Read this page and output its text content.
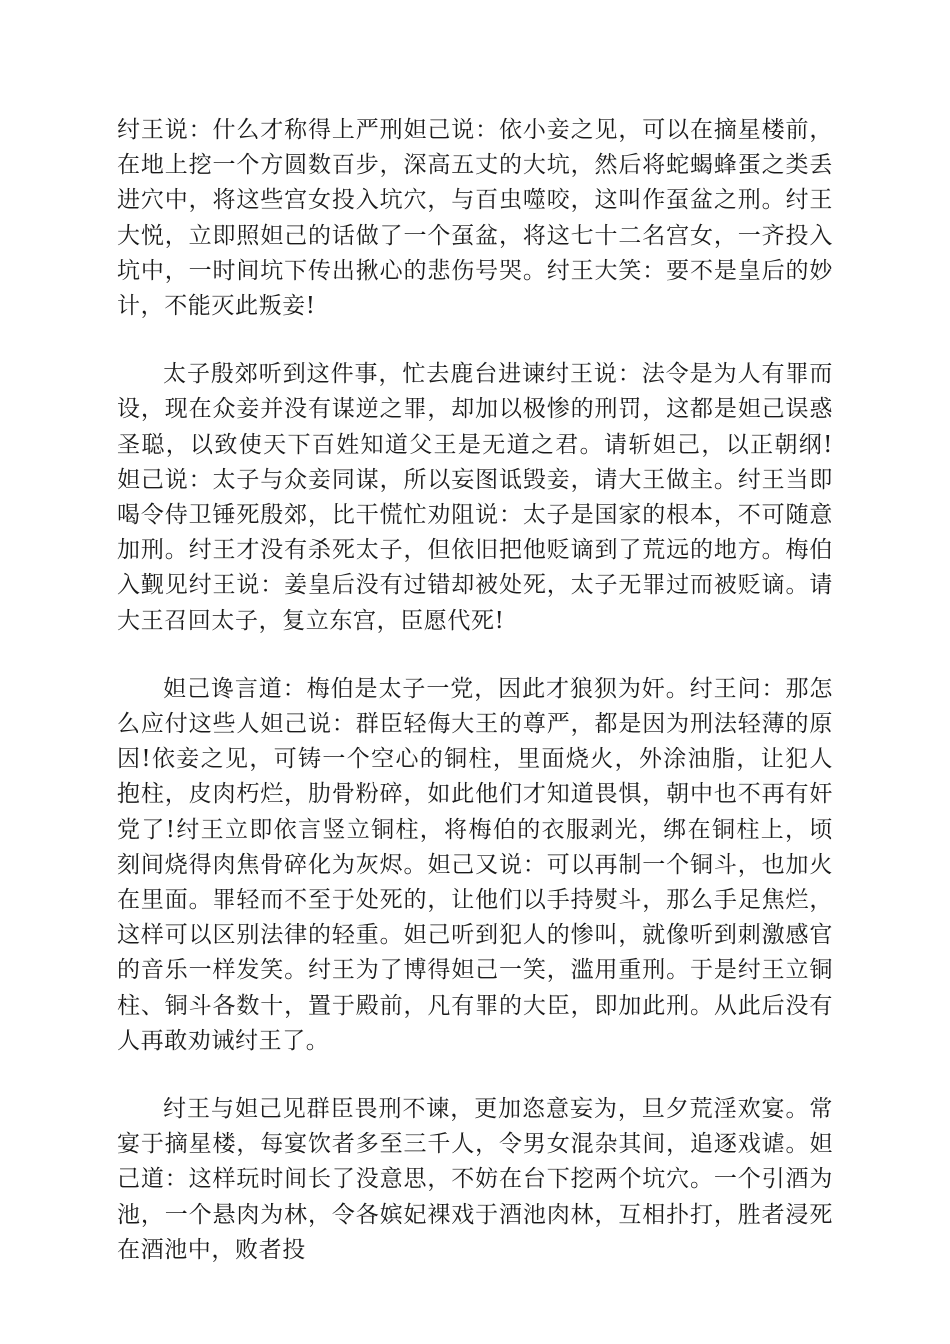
纣王说：什么才称得上严刑妲己说：依小妾之见，可以在摘星楼前，在地上挖一个方圆数百步，深高五丈的大坑，然后将蛇蝎蜂蛋之类丢进穴中，将这些宫女投入坑穴，与百虫噬咬，这叫作虿盆之刑。纣王大悦，立即照妲己的话做了一个虿盆，将这七十二名宫女，一齐投入坑中，一时间坑下传出揪心的悲伤号哭。纣王大笑：要不是皇后的妙计，不能灭此叛妾!

太子殷郊听到这件事，忙去鹿台进谏纣王说：法令是为人有罪而设，现在众妾并没有谋逆之罪，却加以极惨的刑罚，这都是妲己误惑圣聪，以致使天下百姓知道父王是无道之君。请斩妲己，以正朝纲!妲己说：太子与众妾同谋，所以妄图诋毁妾，请大王做主。纣王当即喝令侍卫锤死殷郊，比干慌忙劝阻说：太子是国家的根本，不可随意加刑。纣王才没有杀死太子，但依旧把他贬谪到了荒远的地方。梅伯入觐见纣王说：姜皇后没有过错却被处死，太子无罪过而被贬谪。请大王召回太子，复立东宫，臣愿代死!

妲己谗言道：梅伯是太子一党，因此才狼狈为奸。纣王问：那怎么应付这些人妲己说：群臣轻侮大王的尊严，都是因为刑法轻薄的原因!依妾之见，可铸一个空心的铜柱，里面烧火，外涂油脂，让犯人抱柱，皮肉朽烂，肋骨粉碎，如此他们才知道畏惧，朝中也不再有奸党了!纣王立即依言竖立铜柱，将梅伯的衣服剥光，绑在铜柱上，顷刻间烧得肉焦骨碎化为灰烬。妲己又说：可以再制一个铜斗，也加火在里面。罪轻而不至于处死的，让他们以手持熨斗，那么手足焦烂，这样可以区别法律的轻重。妲己听到犯人的惨叫，就像听到刺激感官的音乐一样发笑。纣王为了博得妲己一笑，滥用重刑。于是纣王立铜柱、铜斗各数十，置于殿前，凡有罪的大臣，即加此刑。从此后没有人再敢劝诫纣王了。

纣王与妲己见群臣畏刑不谏，更加恣意妄为，旦夕荒淫欢宴。常宴于摘星楼，每宴饮者多至三千人，令男女混杂其间，追逐戏谑。妲己道：这样玩时间长了没意思，不妨在台下挖两个坑穴。一个引酒为池，一个悬肉为林，令各嫔妃裸戏于酒池肉林，互相扑打，胜者浸死在酒池中，败者投
